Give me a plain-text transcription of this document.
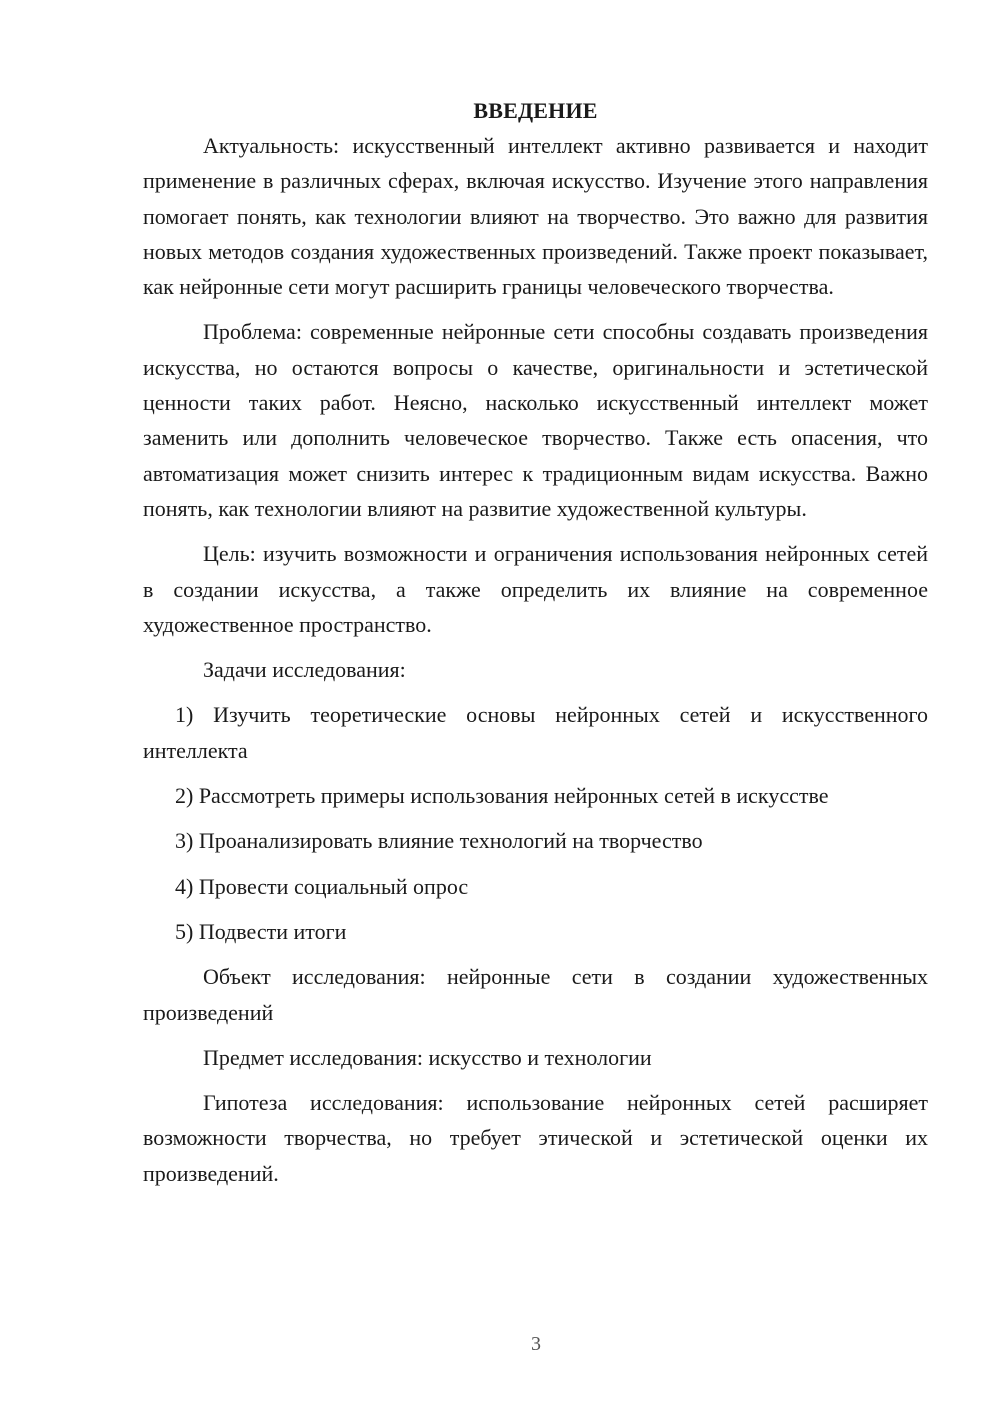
ВВЕДЕНИЕ

Актуальность: искусственный интеллект активно развивается и находит применение в различных сферах, включая искусство. Изучение этого направления помогает понять, как технологии влияют на творчество. Это важно для развития новых методов создания художественных произведений. Также проект показывает, как нейронные сети могут расширить границы человеческого творчества.

Проблема: современные нейронные сети способны создавать произведения искусства, но остаются вопросы о качестве, оригинальности и эстетической ценности таких работ. Неясно, насколько искусственный интеллект может заменить или дополнить человеческое творчество. Также есть опасения, что автоматизация может снизить интерес к традиционным видам искусства. Важно понять, как технологии влияют на развитие художественной культуры.

Цель: изучить возможности и ограничения использования нейронных сетей в создании искусства, а также определить их влияние на современное художественное пространство.

Задачи исследования:

1) Изучить теоретические основы нейронных сетей и искусственного интеллекта

2) Рассмотреть примеры использования нейронных сетей в искусстве

3) Проанализировать влияние технологий на творчество

4) Провести социальный опрос

5) Подвести итоги

Объект исследования: нейронные сети в создании художественных произведений

Предмет исследования: искусство и технологии

Гипотеза исследования: использование нейронных сетей расширяет возможности творчества, но требует этической и эстетической оценки их произведений.

3
